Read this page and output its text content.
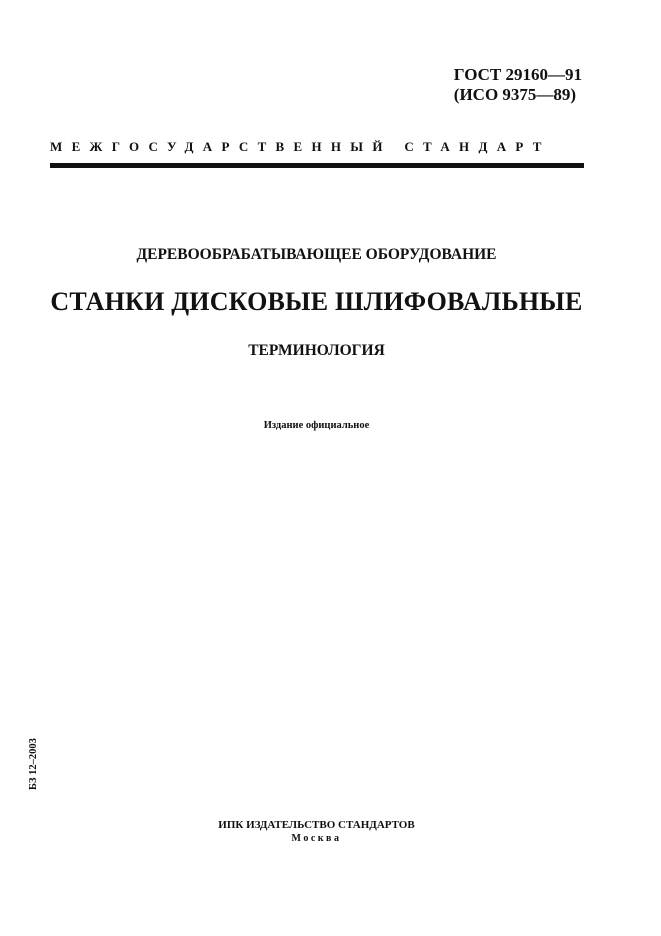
ГОСТ 29160—91
(ИСО 9375—89)
МЕЖГОСУДАРСТВЕННЫЙ СТАНДАРТ
ДЕРЕВООБРАБАТЫВАЮЩЕЕ ОБОРУДОВАНИЕ
СТАНКИ ДИСКОВЫЕ ШЛИФОВАЛЬНЫЕ
ТЕРМИНОЛОГИЯ
Издание официальное
БЗ 12–2003
ИПК ИЗДАТЕЛЬСТВО СТАНДАРТОВ
Москва
